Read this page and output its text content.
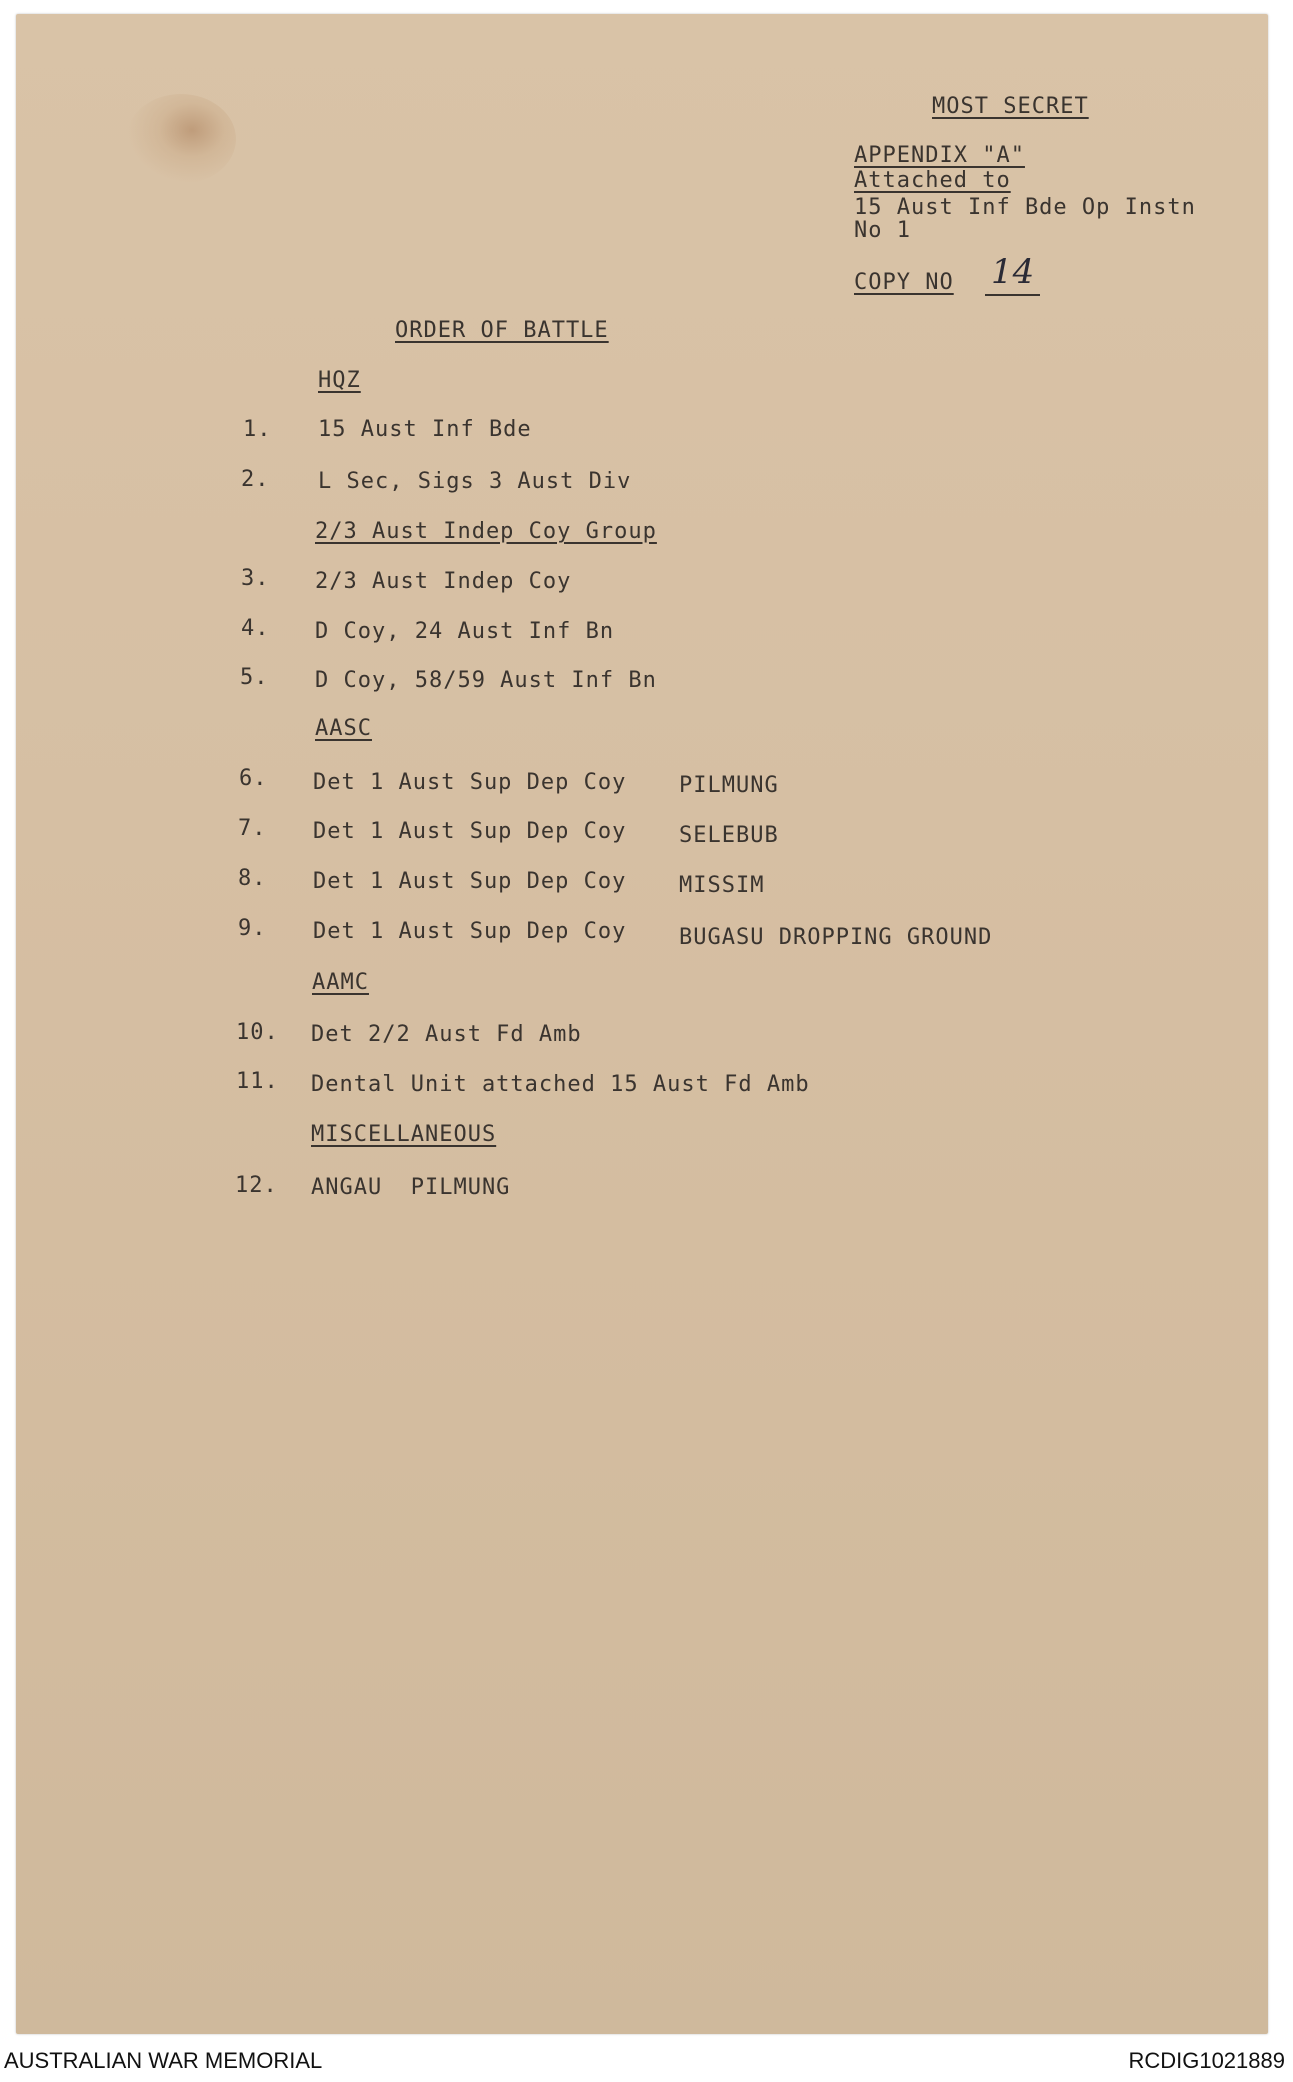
MOST SECRET
APPENDIX "A"
Attached to
15 Aust Inf Bde Op Instn
No 1
COPY NO 14
ORDER OF BATTLE
HQZ
1.	15 Aust Inf Bde
2.	L Sec, Sigs 3 Aust Div
2/3 Aust Indep Coy Group
3.	2/3 Aust Indep Coy
4.	D Coy, 24 Aust Inf Bn
5.	D Coy, 58/59 Aust Inf Bn
AASC
6.	Det 1 Aust Sup Dep Coy PILMUNG
7.	Det 1 Aust Sup Dep Coy SELEBUB
8.	Det 1 Aust Sup Dep Coy MISSIM
9.	Det 1 Aust Sup Dep Coy BUGASU DROPPING GROUND
AAMC
10. Det 2/2 Aust Fd Amb
11. Dental Unit attached 15 Aust Fd Amb
MISCELLANEOUS
12. ANGAU  PILMUNG
AUSTRALIAN WAR MEMORIAL	RCDIG1021889
